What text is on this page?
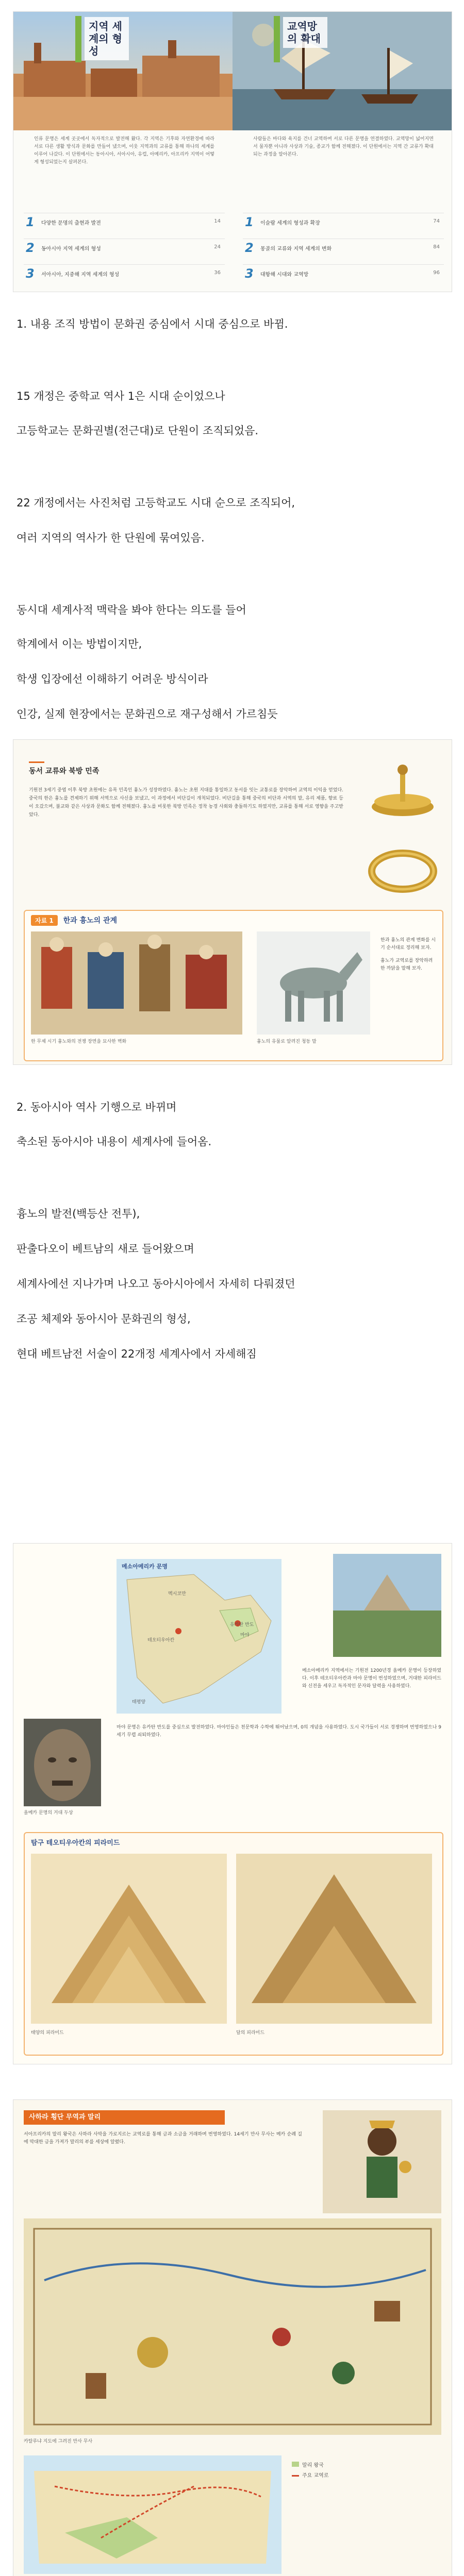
지역 세계의 형성
인류 문명은 세계 곳곳에서 독자적으로 발전해 왔다. 각 지역은 기후와 자연환경에 따라 서로 다른 생활 방식과 문화를 만들어 냈으며, 이웃 지역과의 교류를 통해 하나의 세계를 이루어 나갔다. 이 단원에서는 동아시아, 서아시아, 유럽, 아메리카, 아프리카 지역이 어떻게 형성되었는지 살펴본다.
1 다양한 문명의 출현과 발전	14
2 동아시아 지역 세계의 형성	24
3 서아시아, 지중해 지역 세계의 형성	36
교역망의 확대
사람들은 바다와 육지를 건너 교역하며 서로 다른 문명을 연결하였다. 교역망이 넓어지면서 물자뿐 아니라 사상과 기술, 종교가 함께 전해졌다. 이 단원에서는 지역 간 교류가 확대되는 과정을 알아본다.
1 이슬람 세계의 형성과 확장	74
2 몽골의 교류와 지역 세계의 변화	84
3 대항해 시대와 교역망	96
1. 내용 조직 방법이 문화권 중심에서 시대 중심으로 바뀜.
15 개정은 중학교 역사 1은 시대 순이었으나
고등학교는 문화권별(전근대)로 단원이 조직되었음.
22 개정에서는 사진처럼 고등학교도 시대 순으로 조직되어,
여러 지역의 역사가 한 단원에 묶여있음.
동시대 세계사적 맥락을 봐야 한다는 의도를 들어
학계에서 이는 방법이지만,
학생 입장에선 이해하기 어려운 방식이라
인강, 실제 현장에서는 문화권으로 재구성해서 가르침듯
동서 교류와 북방 민족
기원전 3세기 중엽 이후 북방 초원에는 유목 민족인 흉노가 성장하였다. 흉노는 초원 지대를 통일하고 동서를 잇는 교통로를 장악하여 교역의 이익을 얻었다. 중국의 한은 흉노를 견제하기 위해 서역으로 사신을 보냈고, 이 과정에서 비단길이 개척되었다. 비단길을 통해 중국의 비단과 서역의 말, 유리 제품, 향료 등이 오갔으며, 불교와 같은 사상과 문화도 함께 전해졌다. 흉노를 비롯한 북방 민족은 정착 농경 사회와 충돌하기도 하였지만, 교류를 통해 서로 영향을 주고받았다.
자료 1 한과 흉노의 관계
한 무제 시기 흉노와의 전쟁 장면을 묘사한 벽화	흉노의 유물로 알려진 청동 말
한과 흉노의 관계 변화를 시기 순서대로 정리해 보자.
흉노가 교역로를 장악하려 한 까닭을 말해 보자.
2. 동아시아 역사 기행으로 바뀌며
축소된 동아시아 내용이 세계사에 들어옴.
흉노의 발전(백등산 전투),
판출다오이 베트남의 새로 들어왔으며
세계사에선 지나가며 나오고 동아시아에서 자세히 다뤄졌던
조공 체제와 동아시아 문화권의 형성,
현대 베트남전 서술이 22개정 세계사에서 자세해짐
메소아메리카 문명
멕시코만
유카탄 반도
태평양
테오티우아칸
마야
메소아메리카 지역에서는 기원전 1200년경 올메카 문명이 등장하였다. 이후 테오티우아칸과 마야 문명이 번성하였으며, 거대한 피라미드와 신전을 세우고 독자적인 문자와 달력을 사용하였다.
올메카 문명의 거대 두상
마야 문명은 유카탄 반도를 중심으로 발전하였다. 마야인들은 천문학과 수학에 뛰어났으며, 0의 개념을 사용하였다. 도시 국가들이 서로 경쟁하며 번영하였으나 9세기 무렵 쇠퇴하였다.
탐구 테오티우아칸의 피라미드
태양의 피라미드	달의 피라미드
사하라 횡단 무역과 말리
서아프리카의 말리 왕국은 사하라 사막을 가로지르는 교역로를 통해 금과 소금을 거래하며 번영하였다. 14세기 만사 무사는 메카 순례 길에 막대한 금을 가져가 말리의 부를 세상에 알렸다.
카탈루냐 지도에 그려진 만사 무사
말리 왕국
주요 교역로
